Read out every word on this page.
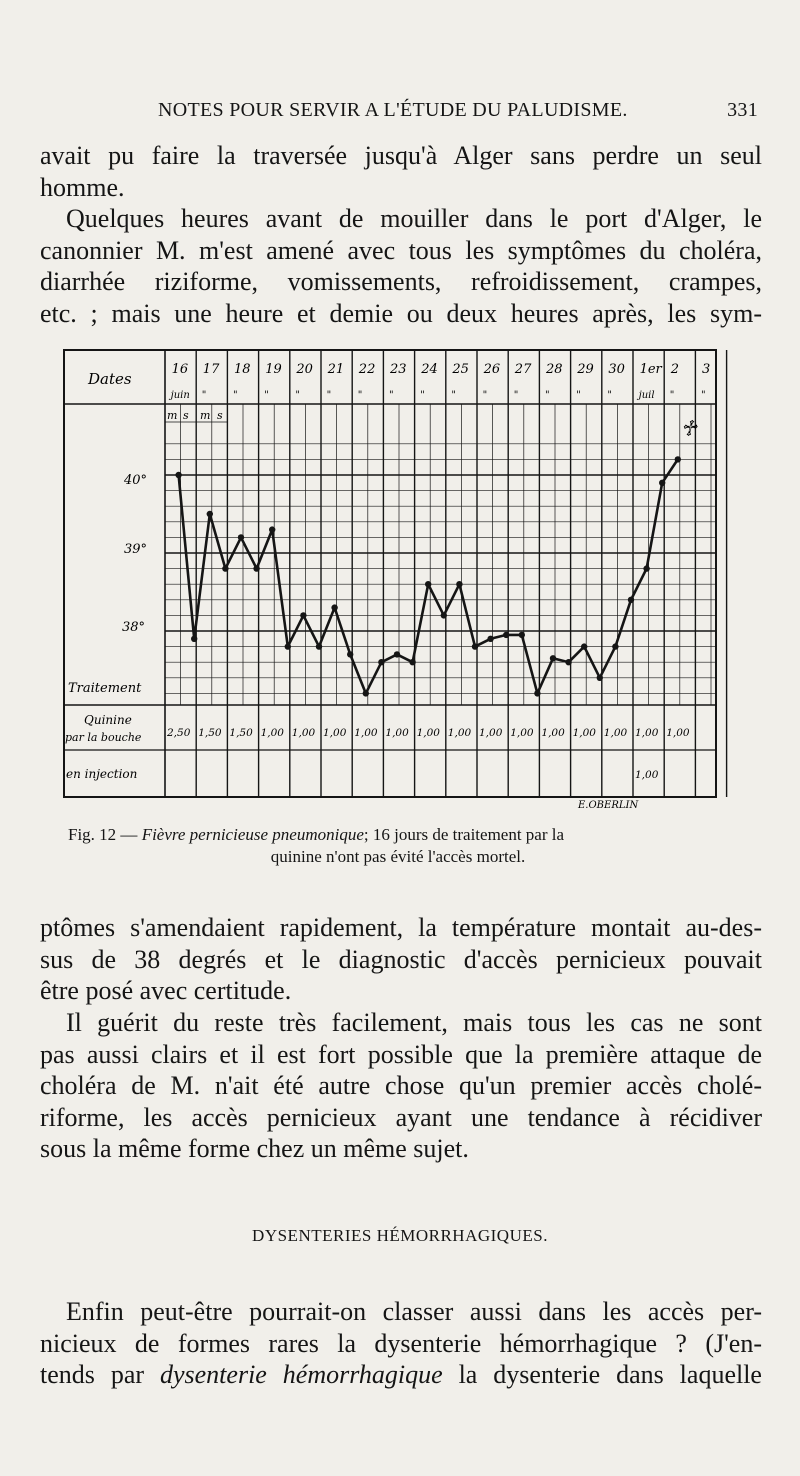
NOTES POUR SERVIR A L'ÉTUDE DU PALUDISME.	331
avait pu faire la traversée jusqu'à Alger sans perdre un seul
homme.
Quelques heures avant de mouiller dans le port d'Alger, le
canonnier M. m'est amené avec tous les symptômes du choléra,
diarrhée riziforme, vomissements, refroidissement, crampes,
etc. ; mais une heure et demie ou deux heures après, les sym-
Dates
Traitement
Quinine
par la bouche
en injection
40°
39°
38°
m s m s
♱
E.OBERLIN
16
juin
17
"
18
"
19
"
20
"
21
"
22
"
23
"
24
"
25
"
26
"
27
"
28
"
29
"
30
"
1er
juil
2
"
3
"
2,50 1,50 1,50 1,00 1,00 1,00 1,00 1,00 1,00 1,00 1,00 1,00 1,00 1,00 1,00 1,00 1,00
1,00
Fig. 12 — Fièvre pernicieuse pneumonique; 16 jours de traitement par la
quinine n'ont pas évité l'accès mortel.
ptômes s'amendaient rapidement, la température montait au-des-
sus de 38 degrés et le diagnostic d'accès pernicieux pouvait
être posé avec certitude.
Il guérit du reste très facilement, mais tous les cas ne sont
pas aussi clairs et il est fort possible que la première attaque de
choléra de M. n'ait été autre chose qu'un premier accès cholé-
riforme, les accès pernicieux ayant une tendance à récidiver
sous la même forme chez un même sujet.
DYSENTERIES HÉMORRHAGIQUES.
Enfin peut-être pourrait-on classer aussi dans les accès per-
nicieux de formes rares la dysenterie hémorrhagique ? (J'en-
tends par dysenterie hémorrhagique la dysenterie dans laquelle
